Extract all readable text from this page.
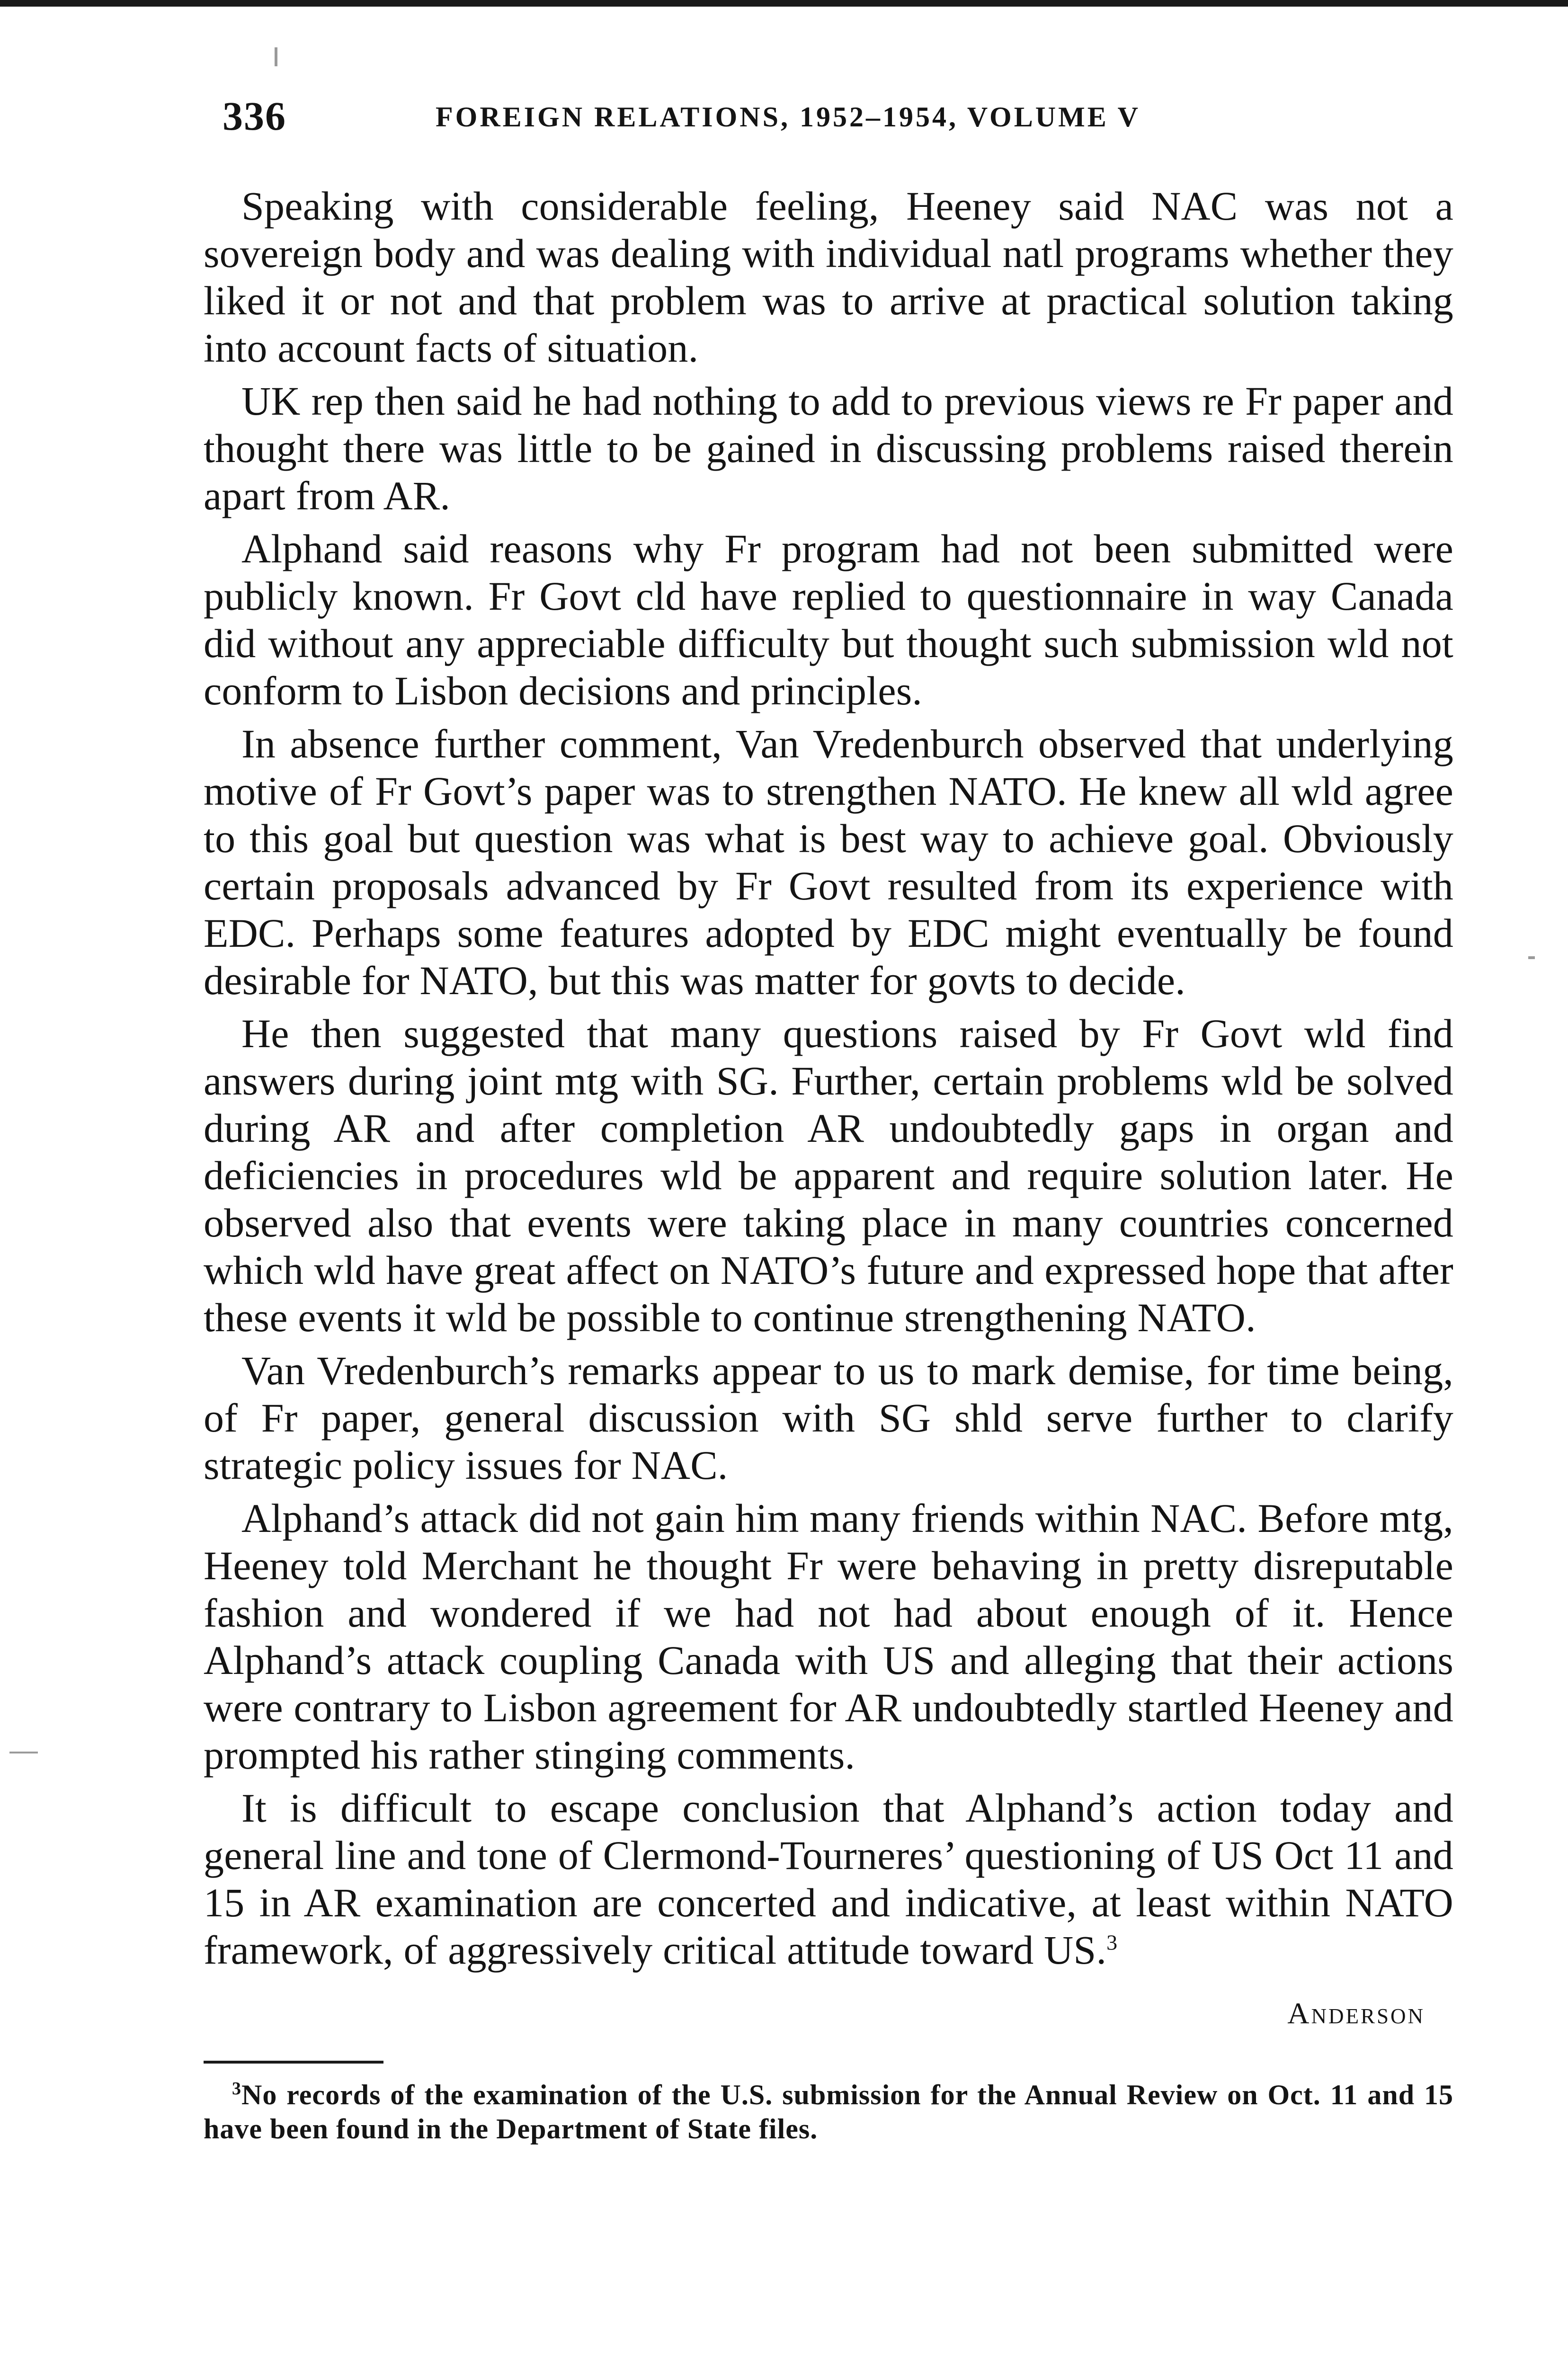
336	FOREIGN RELATIONS, 1952–1954, VOLUME V

Speaking with considerable feeling, Heeney said NAC was not a sovereign body and was dealing with individual natl programs whether they liked it or not and that problem was to arrive at practical solution taking into account facts of situation.

UK rep then said he had nothing to add to previous views re Fr paper and thought there was little to be gained in discussing problems raised therein apart from AR.

Alphand said reasons why Fr program had not been submitted were publicly known. Fr Govt cld have replied to questionnaire in way Canada did without any appreciable difficulty but thought such submission wld not conform to Lisbon decisions and principles.

In absence further comment, Van Vredenburch observed that underlying motive of Fr Govt’s paper was to strengthen NATO. He knew all wld agree to this goal but question was what is best way to achieve goal. Obviously certain proposals advanced by Fr Govt resulted from its experience with EDC. Perhaps some features adopted by EDC might eventually be found desirable for NATO, but this was matter for govts to decide.

He then suggested that many questions raised by Fr Govt wld find answers during joint mtg with SG. Further, certain problems wld be solved during AR and after completion AR undoubtedly gaps in organ and deficiencies in procedures wld be apparent and require solution later. He observed also that events were taking place in many countries concerned which wld have great affect on NATO’s future and expressed hope that after these events it wld be possible to continue strengthening NATO.

Van Vredenburch’s remarks appear to us to mark demise, for time being, of Fr paper, general discussion with SG shld serve further to clarify strategic policy issues for NAC.

Alphand’s attack did not gain him many friends within NAC. Before mtg, Heeney told Merchant he thought Fr were behaving in pretty disreputable fashion and wondered if we had not had about enough of it. Hence Alphand’s attack coupling Canada with US and alleging that their actions were contrary to Lisbon agreement for AR undoubtedly startled Heeney and prompted his rather stinging comments.

It is difficult to escape conclusion that Alphand’s action today and general line and tone of Clermond-Tourneres’ questioning of US Oct 11 and 15 in AR examination are concerted and indicative, at least within NATO framework, of aggressively critical attitude toward US.$^3$

Anderson

$^3$No records of the examination of the U.S. submission for the Annual Review on Oct. 11 and 15 have been found in the Department of State files.
